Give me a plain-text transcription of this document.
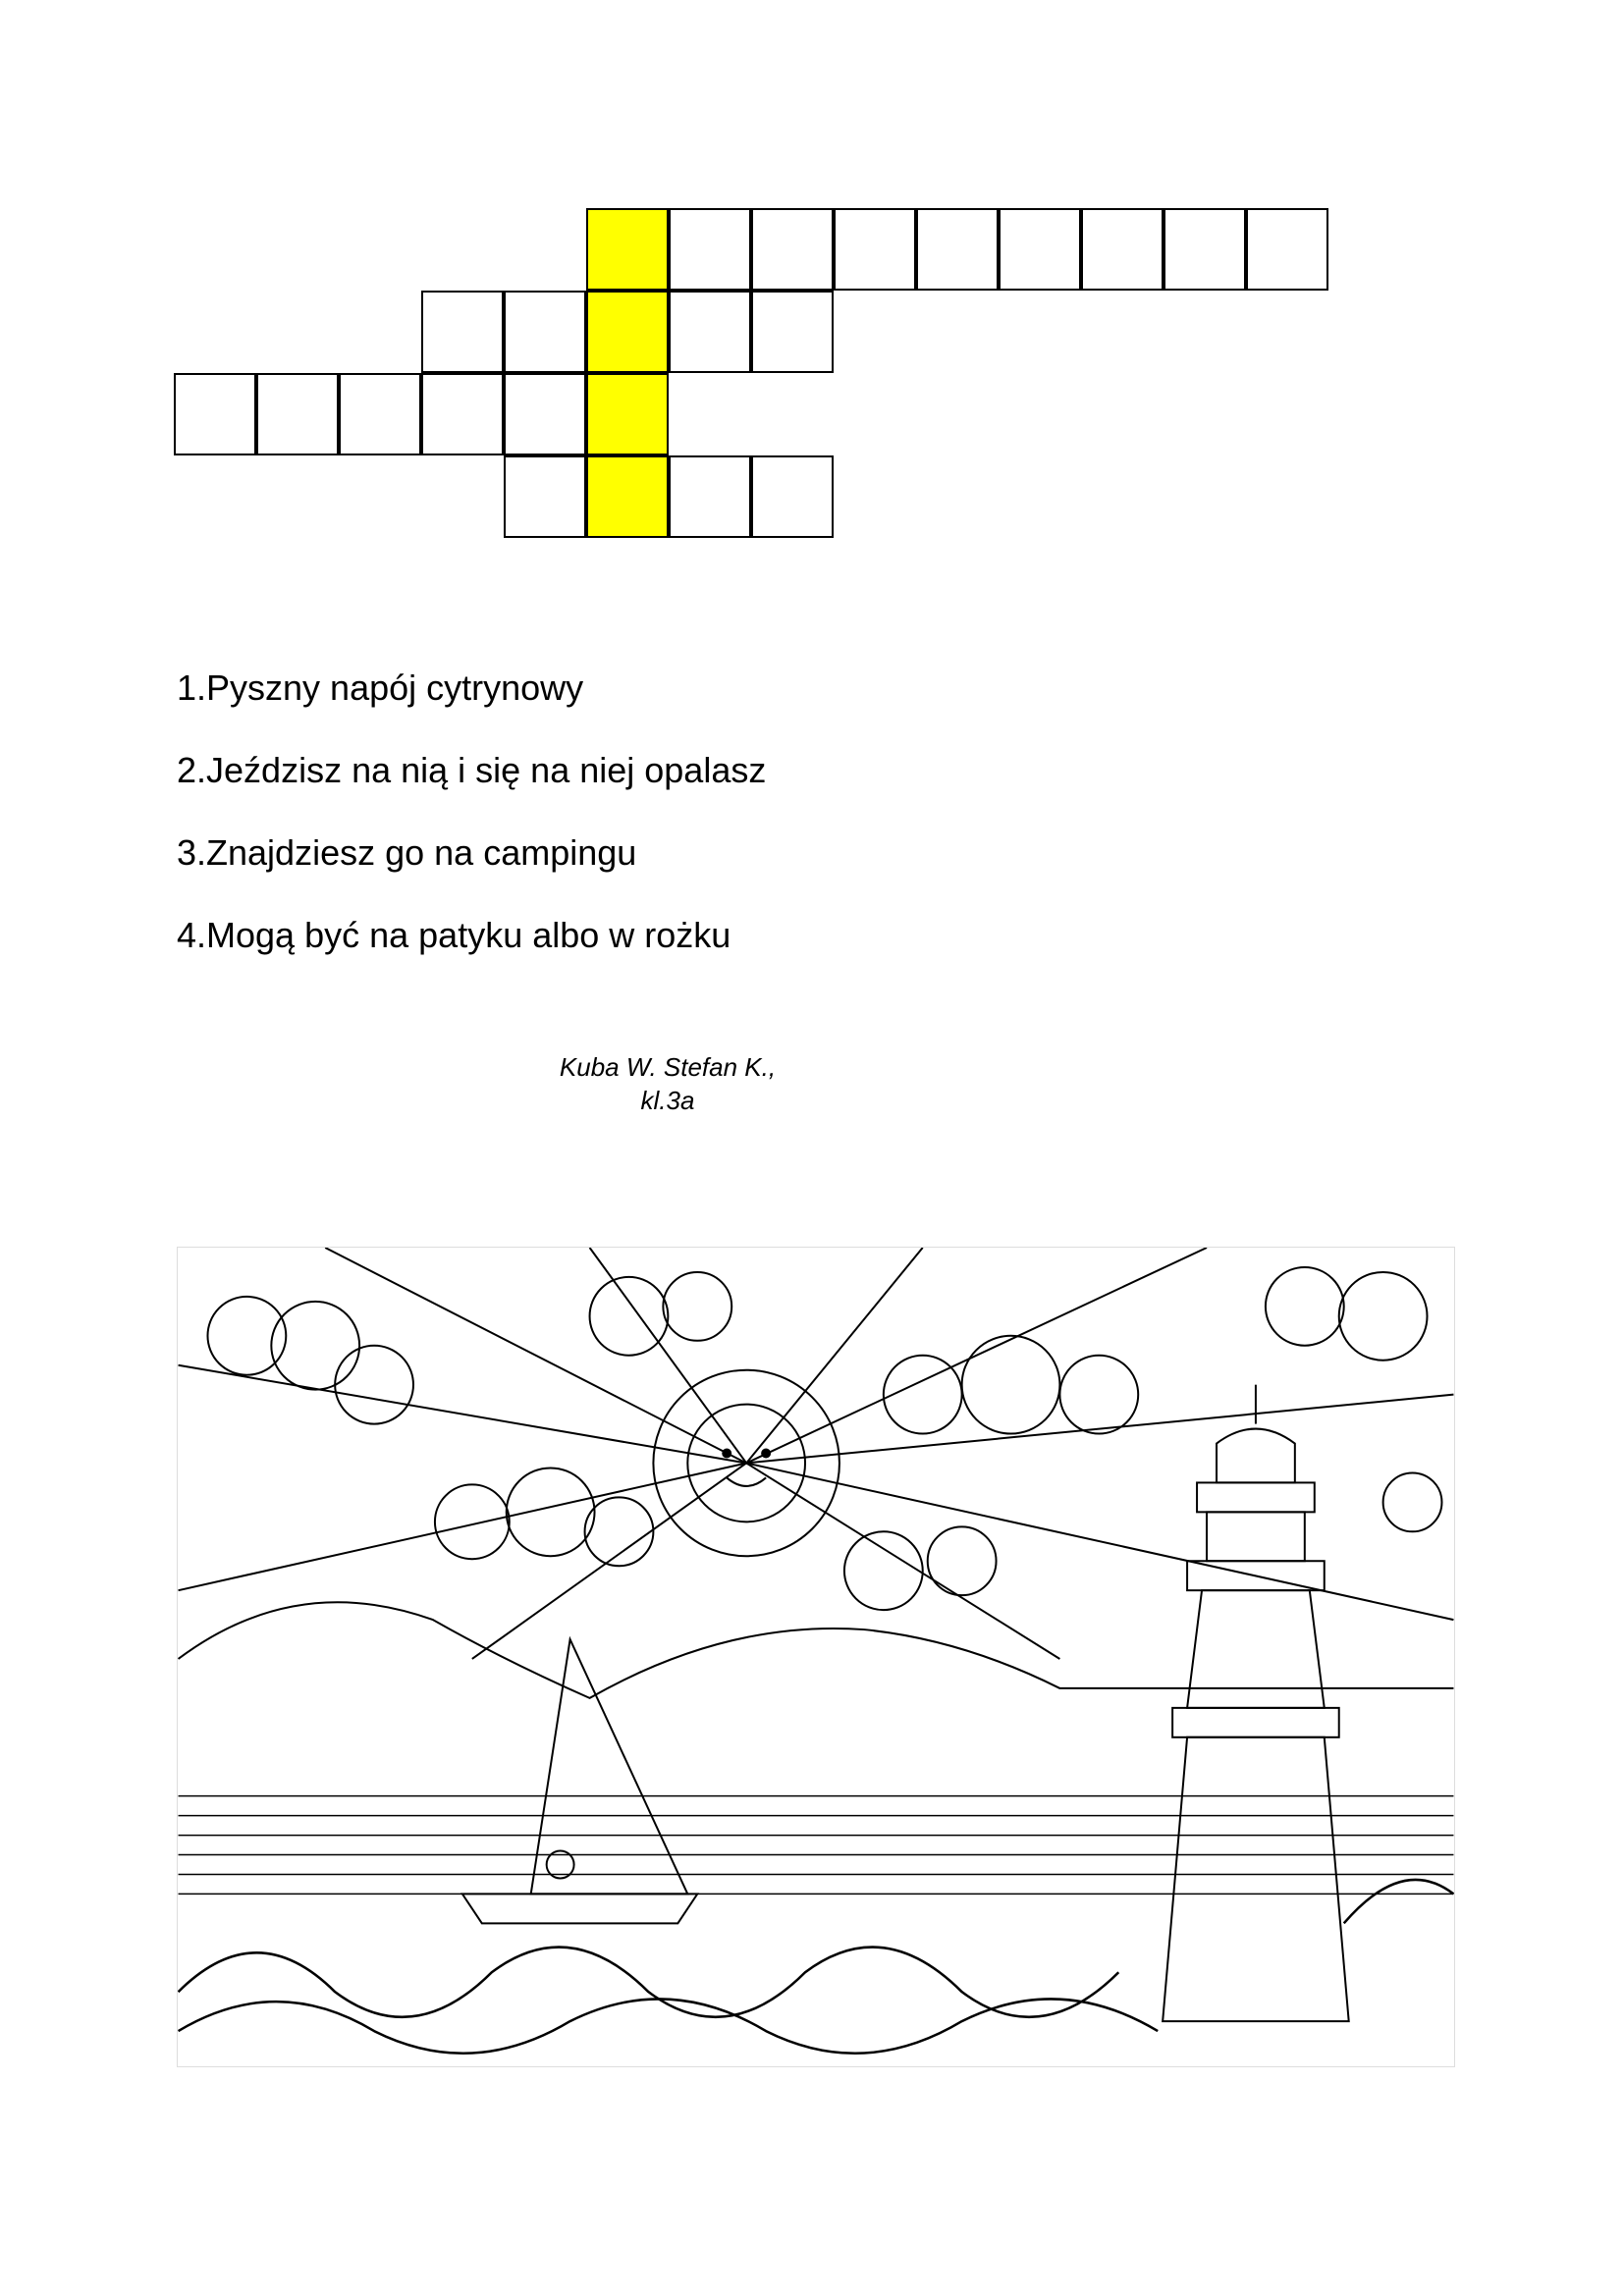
1.Pyszny napój cytrynowy
2.Jeździsz na nią i się na niej opalasz
3.Znajdziesz go na campingu
4.Mogą być na patyku albo w rożku
Kuba W. Stefan K.,
kl.3a
